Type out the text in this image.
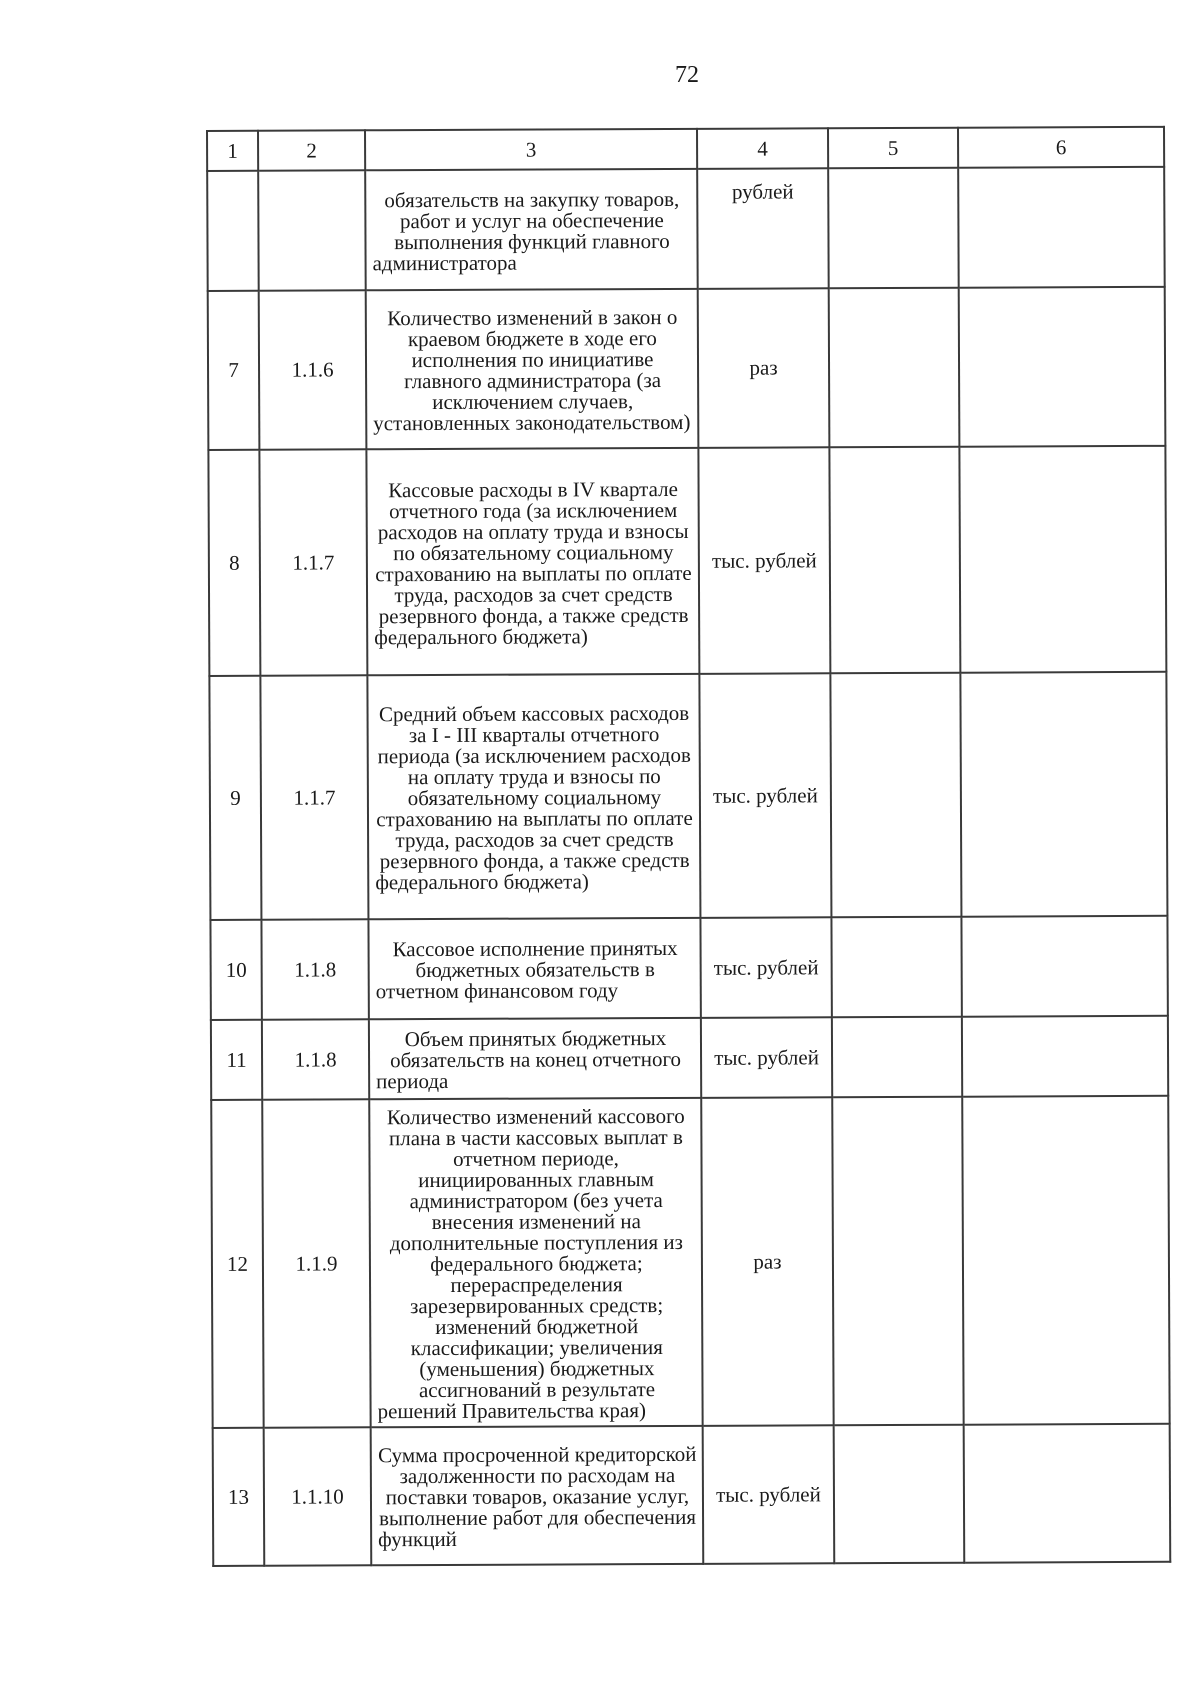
72
1	2	3	4	5	6
		обязательств на закупку товаров, работ и услуг на обеспечение выполнения функций главного администратора	рублей		
7	1.1.6	Количество изменений в закон о краевом бюджете в ходе его исполнения по инициативе главного администратора (за исключением случаев, установленных законодательством)	раз		
8	1.1.7	Кассовые расходы в IV квартале отчетного года (за исключением расходов на оплату труда и взносы по обязательному социальному страхованию на выплаты по оплате труда, расходов за счет средств резервного фонда, а также средств федерального бюджета)	тыс. рублей		
9	1.1.7	Средний объем кассовых расходов за I - III кварталы отчетного периода (за исключением расходов на оплату труда и взносы по обязательному социальному страхованию на выплаты по оплате труда, расходов за счет средств резервного фонда, а также средств федерального бюджета)	тыс. рублей		
10	1.1.8	Кассовое исполнение принятых бюджетных обязательств в отчетном финансовом году	тыс. рублей		
11	1.1.8	Объем принятых бюджетных обязательств на конец отчетного периода	тыс. рублей		
12	1.1.9	Количество изменений кассового плана в части кассовых выплат в отчетном периоде, инициированных главным администратором (без учета внесения изменений на дополнительные поступления из федерального бюджета; перераспределения зарезервированных средств; изменений бюджетной классификации; увеличения (уменьшения) бюджетных ассигнований в результате решений Правительства края)	раз		
13	1.1.10	Сумма просроченной кредиторской задолженности по расходам на поставки товаров, оказание услуг, выполнение работ для обеспечения функций	тыс. рублей		
